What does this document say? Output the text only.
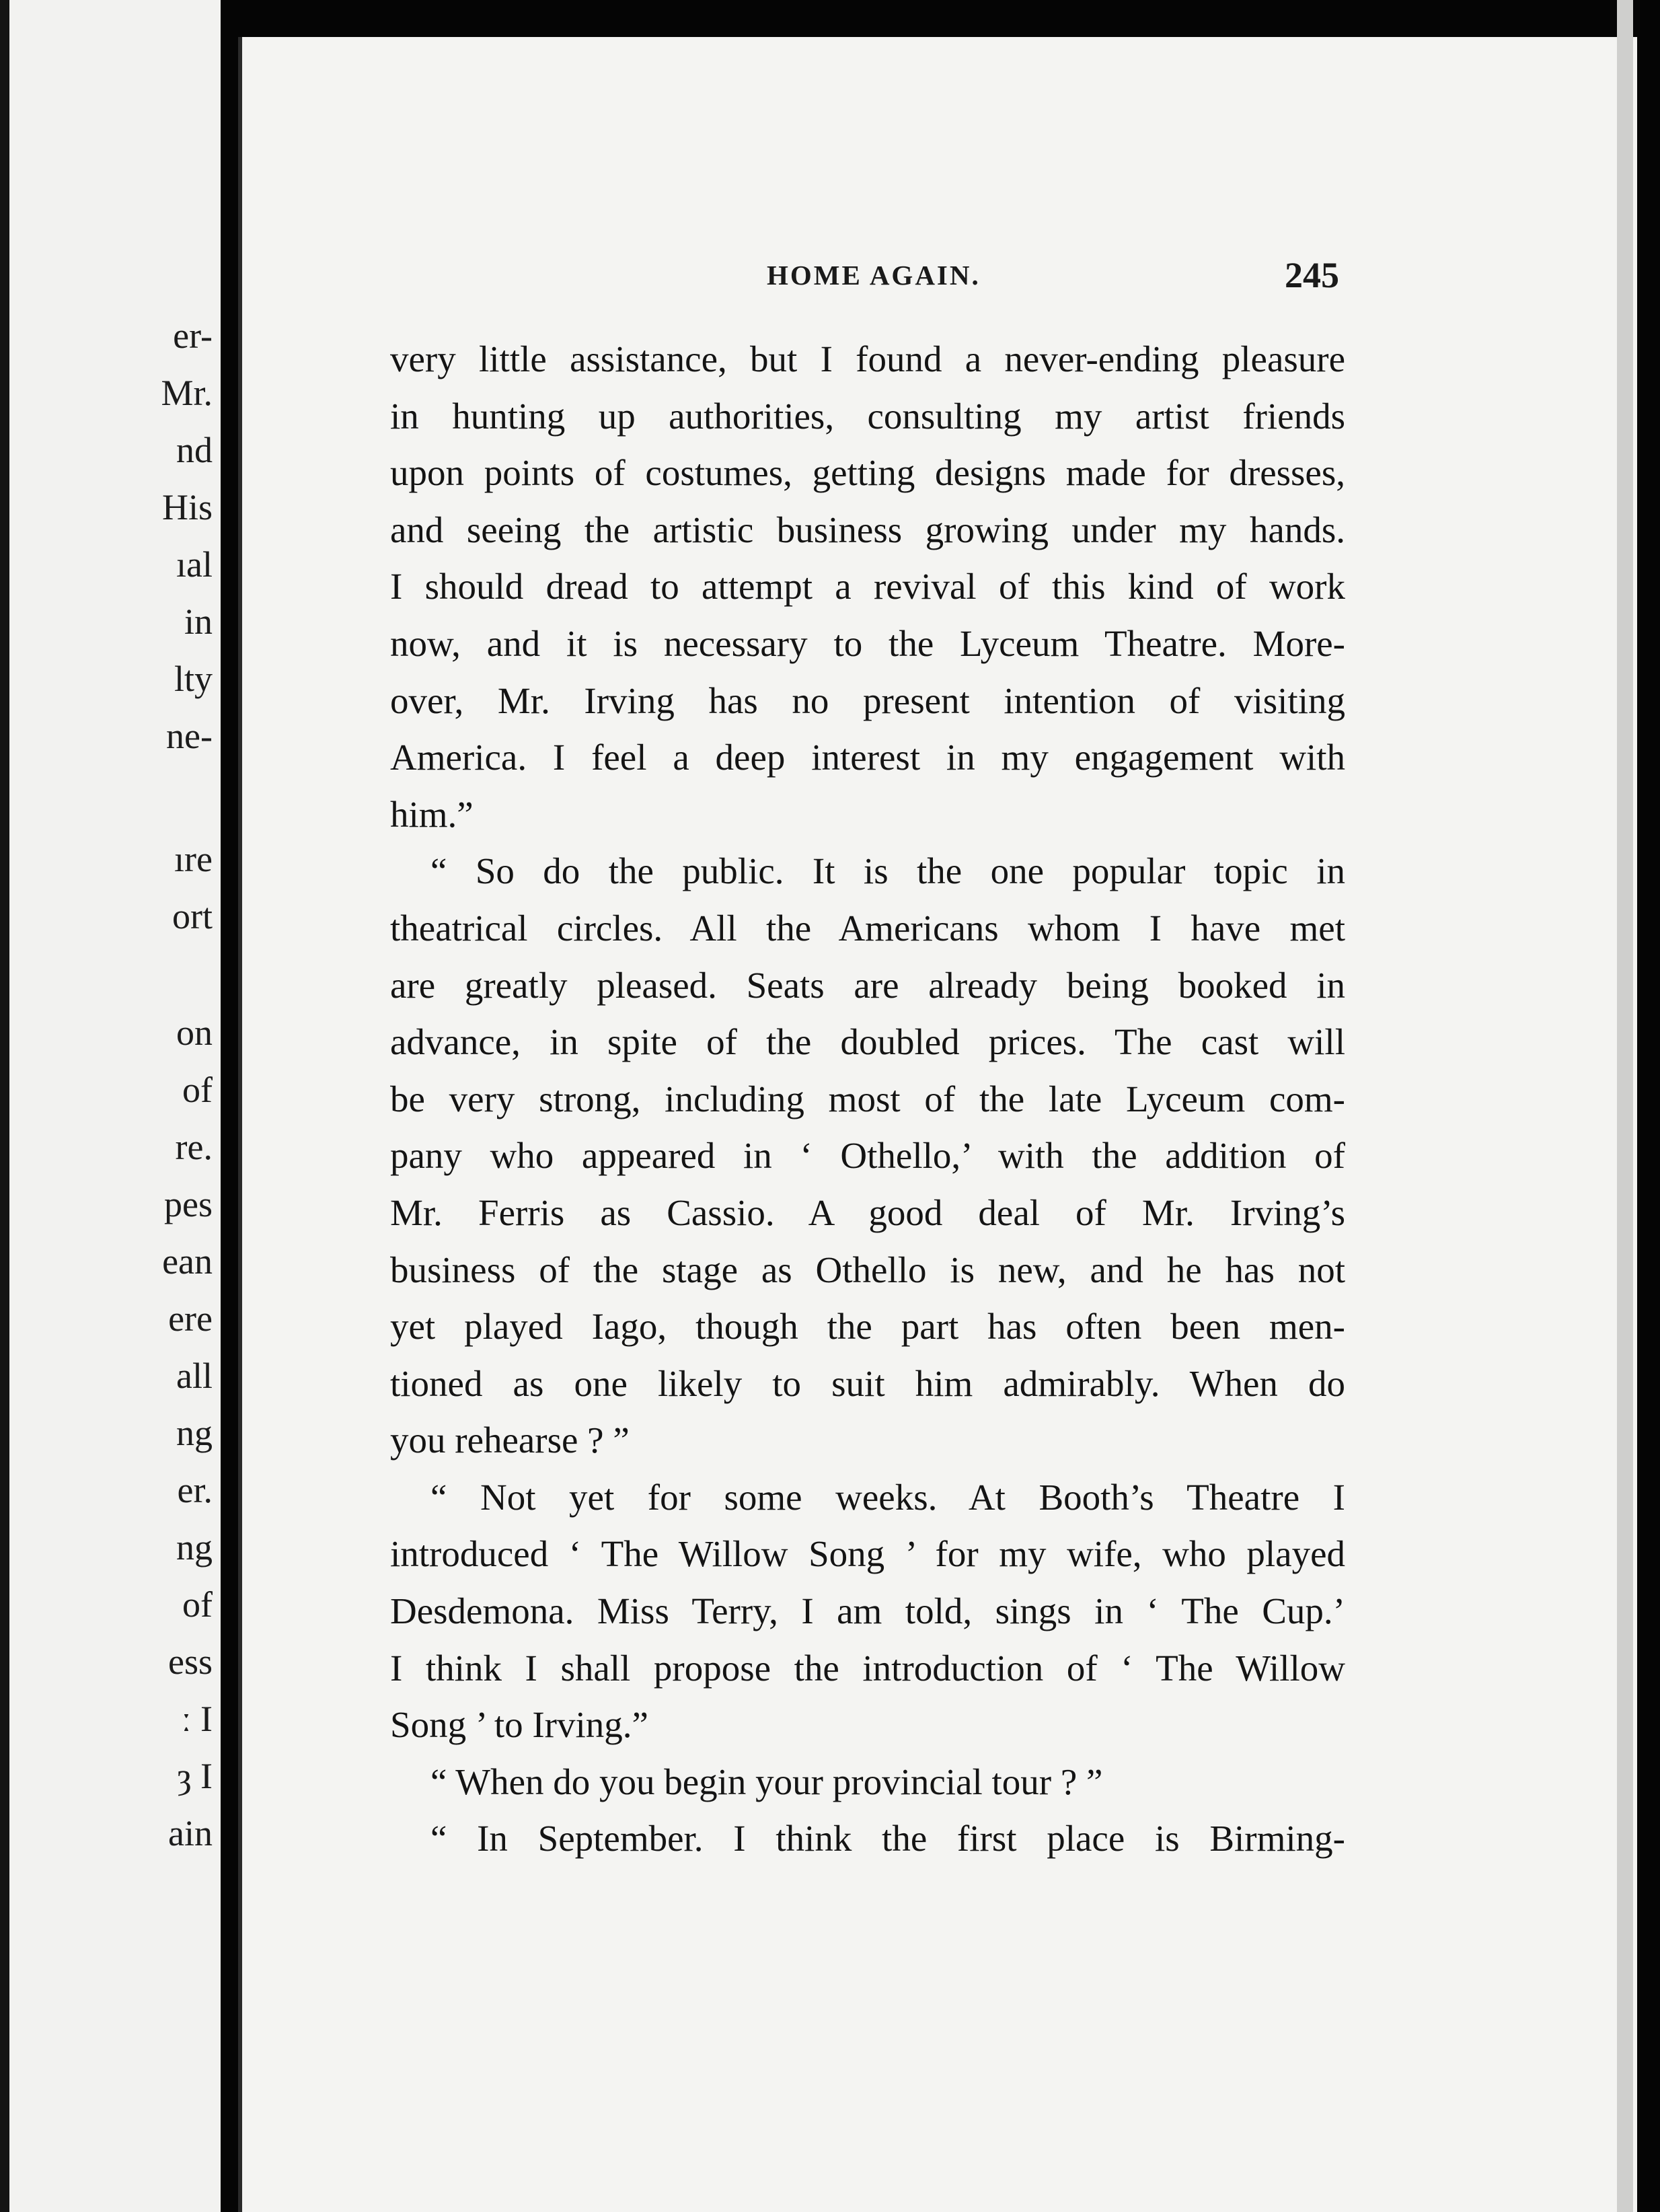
er-
Mr.
nd
His
ıal
in
lty
ne-
ıre
ort
on
of
re.
pes
ean
ere
all
ng
er.
ng
of
ess
ː I
ȝ I
ain
HOME AGAIN.	245
very little assistance, but I found a never-ending pleasure
in hunting up authorities, consulting my artist friends
upon points of costumes, getting designs made for dresses,
and seeing the artistic business growing under my hands.
I should dread to attempt a revival of this kind of work
now, and it is necessary to the Lyceum Theatre. More-
over, Mr. Irving has no present intention of visiting
America. I feel a deep interest in my engagement with
him.”
“ So do the public. It is the one popular topic in
theatrical circles. All the Americans whom I have met
are greatly pleased. Seats are already being booked in
advance, in spite of the doubled prices. The cast will
be very strong, including most of the late Lyceum com-
pany who appeared in ‘ Othello,’ with the addition of
Mr. Ferris as Cassio. A good deal of Mr. Irving’s
business of the stage as Othello is new, and he has not
yet played Iago, though the part has often been men-
tioned as one likely to suit him admirably. When do
you rehearse ? ”
“ Not yet for some weeks. At Booth’s Theatre I
introduced ‘ The Willow Song ’ for my wife, who played
Desdemona. Miss Terry, I am told, sings in ‘ The Cup.’
I think I shall propose the introduction of ‘ The Willow
Song ’ to Irving.”
“ When do you begin your provincial tour ? ”
“ In September. I think the first place is Birming-
